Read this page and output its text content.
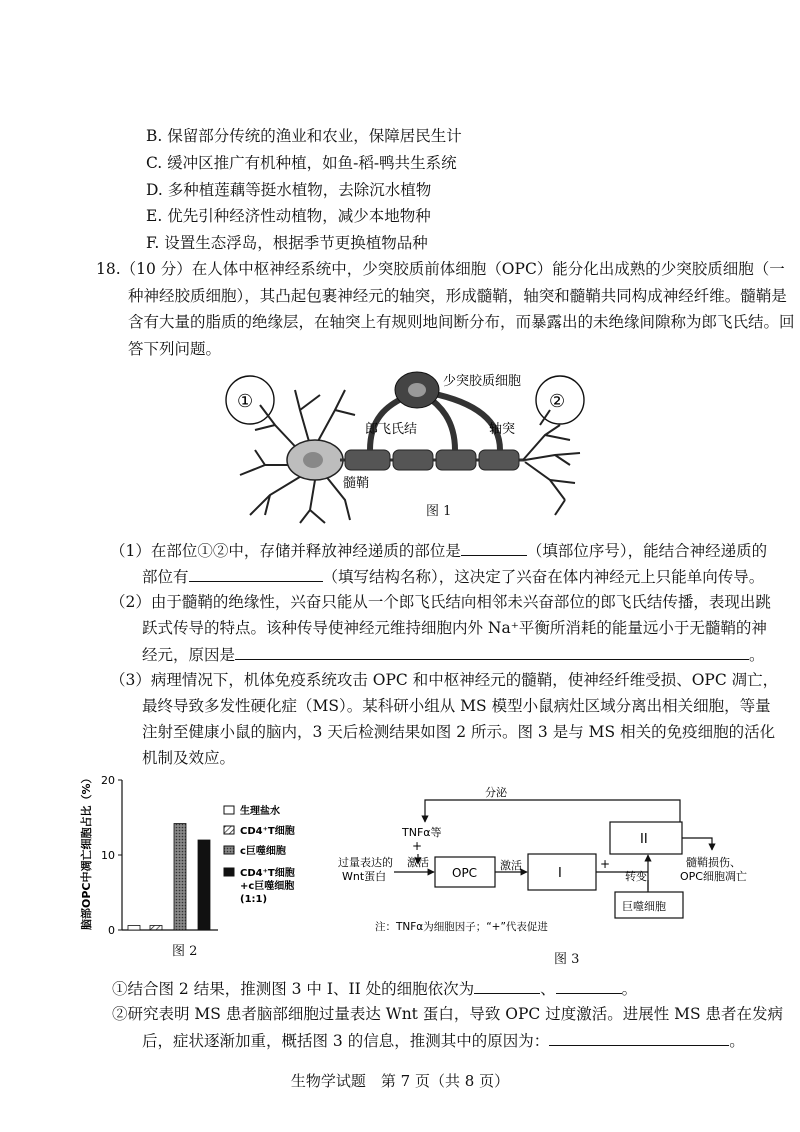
B. 保留部分传统的渔业和农业，保障居民生计
C. 缓冲区推广有机种植，如鱼-稻-鸭共生系统
D. 多种植莲藕等挺水植物，去除沉水植物
E. 优先引种经济性动植物，减少本地物种
F. 设置生态浮岛，根据季节更换植物品种
18.（10 分）在人体中枢神经系统中，少突胶质前体细胞（OPC）能分化出成熟的少突胶质细胞（一
种神经胶质细胞），其凸起包裹神经元的轴突，形成髓鞘，轴突和髓鞘共同构成神经纤维。髓鞘是
含有大量的脂质的绝缘层，在轴突上有规则地间断分布，而暴露出的未绝缘间隙称为郎飞氏结。回
答下列问题。
①	②
少突胶质细胞
郎飞氏结	轴突
髓鞘
图 1
（1）在部位①②中，存储并释放神经递质的部位是	（填部位序号），能结合神经递质的
部位有	（填写结构名称），这决定了兴奋在体内神经元上只能单向传导。
（2）由于髓鞘的绝缘性，兴奋只能从一个郎飞氏结向相邻未兴奋部位的郎飞氏结传播，表现出跳
跃式传导的特点。该种传导使神经元维持细胞内外 Na⁺平衡所消耗的能量远小于无髓鞘的神
经元，原因是	。
（3）病理情况下，机体免疫系统攻击 OPC 和中枢神经元的髓鞘，使神经纤维受损、OPC 凋亡，
最终导致多发性硬化症（MS）。某科研小组从 MS 模型小鼠病灶区域分离出相关细胞，等量
注射至健康小鼠的脑内，3 天后检测结果如图 2 所示。图 3 是与 MS 相关的免疫细胞的活化
机制及效应。
脑部OPC中凋亡细胞占比（%）
0
10
20
生理盐水
CD4⁺T细胞
c巨噬细胞
CD4⁺T细胞
+c巨噬细胞
(1:1)
图 2
分泌
TNFα等
+
过量表达的
Wnt蛋白
激活
OPC
激活
I
+
转变
II
巨噬细胞
髓鞘损伤、
OPC细胞凋亡
注：TNFα为细胞因子；“+”代表促进
图 3
①结合图 2 结果，推测图 3 中 I、II 处的细胞依次为	、	。
②研究表明 MS 患者脑部细胞过量表达 Wnt 蛋白，导致 OPC 过度激活。进展性 MS 患者在发病
后，症状逐渐加重，概括图 3 的信息，推测其中的原因为：	。
生物学试题　第 7 页（共 8 页）
